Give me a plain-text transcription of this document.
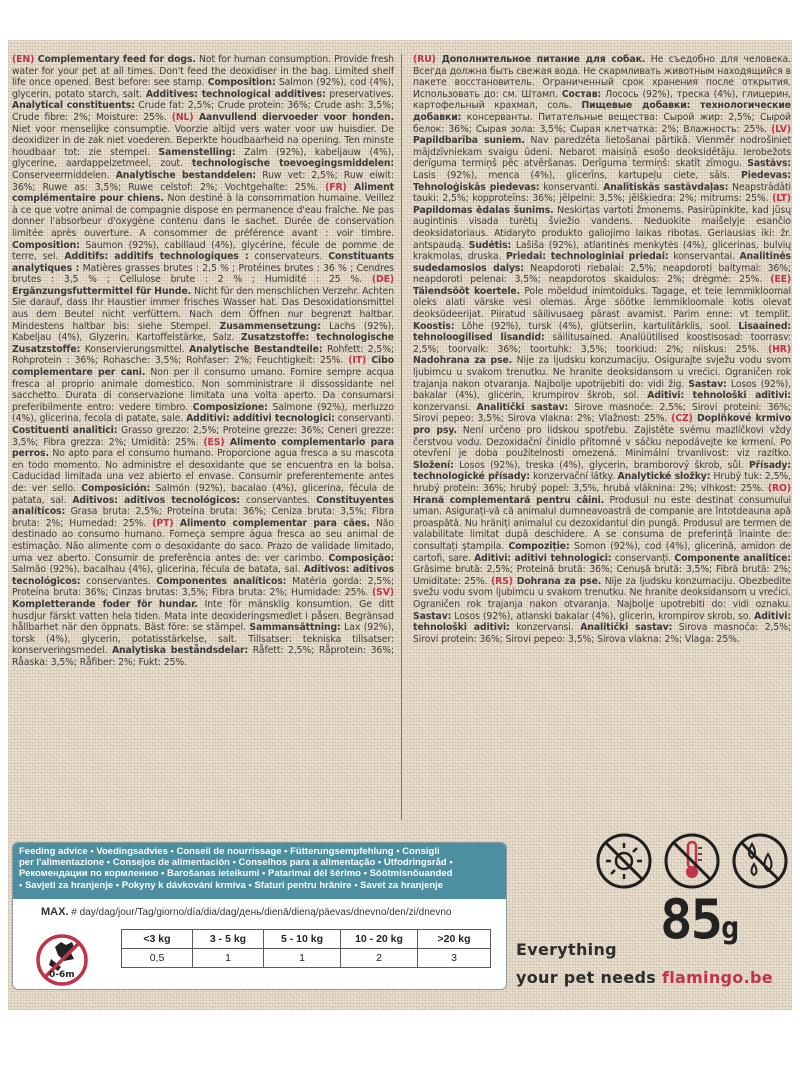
(EN) Complementary feed for dogs. Not for human consumption. Provide fresh water for your pet at all times. Don't feed the deoxidiser in the bag. Limited shelf life once opened. Best before: see stamp. Composition: Salmon (92%), cod (4%), glycerin, potato starch, salt. Additives: technological additives: preservatives. Analytical constituents: Crude fat: 2,5%; Crude protein: 36%; Crude ash: 3,5%; Crude fibre: 2%; Moisture: 25%. (NL) Aanvullend diervoeder voor honden. Niet voor menselijke consumptie. Voorzie altijd vers water voor uw huisdier. De deoxidizer in de zak niet voederen. Beperkte houdbaarheid na opening. Ten minste houdbaar tot: zie stempel. Samenstelling: Zalm (92%), kabeljauw (4%), glycerine, aardappelzetmeel, zout. technologische toevoegingsmiddelen: Conserveermiddelen. Analytische bestanddelen: Ruw vet: 2,5%; Ruw eiwit: 36%; Ruwe as: 3,5%; Ruwe celstof: 2%; Vochtgehalte: 25%. (FR) Aliment complémentaire pour chiens. Non destiné à la consommation humaine. Veillez à ce que votre animal de compagnie dispose en permanence d'eau fraîche. Ne pas donner l'absorbeur d'oxygène contenu dans le sachet. Durée de conservation limitée après ouverture. A consommer de préférence avant : voir timbre. Composition: Saumon (92%), cabillaud (4%), glycérine, fécule de pomme de terre, sel. Additifs: additifs technologiques : conservateurs. Constituants analytiques : Matières grasses brutes : 2,5 % ; Protéines brutes : 36 % ; Cendres brutes : 3,5 % ; Cellulose brute : 2 % ; Humidité : 25 %. (DE) Ergänzungsfuttermittel für Hunde. Nicht für den menschlichen Verzehr. Achten Sie darauf, dass Ihr Haustier immer frisches Wasser hat. Das Desoxidationsmittel aus dem Beutel nicht verfüttern. Nach dem Öffnen nur begrenzt haltbar. Mindestens haltbar bis: siehe Stempel. Zusammensetzung: Lachs (92%), Kabeljau (4%), Glyzerin, Kartoffelstärke, Salz. Zusatzstoffe: technologische Zusatzstoffe: Konservierungsmittel. Analytische Bestandteile: Rohfett: 2,5%; Rohprotein : 36%; Rohasche: 3,5%; Rohfaser: 2%; Feuchtigkeit: 25%. (IT) Cibo complementare per cani. Non per il consumo umano. Fornire sempre acqua fresca al proprio animale domestico. Non somministrare il dissossidante nel sacchetto. Durata di conservazione limitata una volta aperto. Da consumarsi preferibilmente entro: vedere timbro. Composizione: Salmone (92%), merluzzo (4%), glicerina, fecola di patate, sale. Additivi: additivi tecnologici: conservanti. Costituenti analitici: Grasso grezzo: 2,5%; Proteine grezze: 36%; Ceneri grezze: 3,5%; Fibra grezza: 2%; Umidità: 25%. (ES) Alimento complementario para perros. No apto para el consumo humano. Proporcione agua fresca a su mascota en todo momento. No administre el desoxidante que se encuentra en la bolsa. Caducidad limitada una vez abierto el envase. Consumir preferentemente antes de: ver sello. Composición: Salmón (92%), bacalao (4%), glicerina, fécula de patata, sal. Aditivos: aditivos tecnológicos: conservantes. Constituyentes analíticos: Grasa bruta: 2,5%; Proteína bruta: 36%; Ceniza bruta: 3,5%; Fibra bruta: 2%; Humedad: 25%. (PT) Alimento complementar para cães. Não destinado ao consumo humano. Forneça sempre água fresca ao seu animal de estimação. Não alimente com o desoxidante do saco. Prazo de validade limitado, uma vez aberto. Consumir de preferência antes de: ver carimbo. Composição: Salmão (92%), bacalhau (4%), glicerina, fécula de batata, sal. Aditivos: aditivos tecnológicos: conservantes. Componentes analíticos: Matéria gorda: 2,5%; Proteína bruta: 36%; Cinzas brutas: 3,5%; Fibra bruta: 2%; Humidade: 25%. (SV) Kompletterande foder för hundar. Inte för mänsklig konsumtion. Ge ditt husdjur färskt vatten hela tiden. Mata inte deoxideringsmedlet i påsen. Begränsad hållbarhet när den öppnats. Bäst före: se stämpel. Sammansättning: Lax (92%), torsk (4%), glycerin, potatisstärkelse, salt. Tillsatser: tekniska tillsatser: konserveringsmedel. Analytiska beståndsdelar: Råfett: 2,5%; Råprotein: 36%; Råaska: 3,5%; Råfiber: 2%; Fukt: 25%.
(RU) Дополнительное питание для собак. Не съедобно для человека. Всегда должна быть свежая вода. Не скармливать животным находящийся в пакете восстановитель. Ограниченный срок хранения после открытия. Использовать до: см. Штамп. Состав: Лосось (92%), треска (4%), глицерин, картофельный крахмал, соль. Пищевые добавки: технологические добавки: консерванты. Питательные вещества: Сырой жир: 2,5%; Сырой белок: 36%; Сырая зола: 3,5%; Сырая клетчатка: 2%; Влажность: 25%. (LV) Papildbarība suniem. Nav paredzēta lietošanai pārtikā. Vienmēr nodrošiniet mājdzīvniekam svaigu ūdeni. Nebarot maisiņā esošo deoksidētāju. Ierobežots derīguma termiņš pēc atvēršanas. Derīguma termiņš: skatīt zīmogu. Sastāvs: Lasis (92%), menca (4%), glicerīns, kartupeļu ciete, sāls. Piedevas: Tehnoloģiskās piedevas: konservanti. Analītiskās sastāvdaļas: Neapstrādāti tauki: 2,5%; kopproteīns: 36%; jēlpelni: 3,5%; jēlšķiedra: 2%; mitrums: 25%. (LT) Papildomas ėdalas šunims. Neskirtas vartoti žmonems. Pasirūpinkite, kad jūsų augintinis visada turėtų šviežio vandens. Neduokite maišelyje esančio deoksidatoriaus. Atidaryto produkto galiojimo laikas ribotas. Geriausias iki: žr. antspaudą. Sudėtis: Lašiša (92%), atlantinės menkytės (4%), glicerinas, bulvių krakmolas, druska. Priedai: technologiniai priedai: konservantai. Analitinės sudedamosios dalys: Neapdoroti riebalai: 2,5%; neapdoroti baltymai: 36%; neapdoroti pelenai: 3,5%; neapdorotos skaidulos: 2%; drėgmė: 25%. (EE) Täiendsööt koertele. Pole mõeldud inimtoiduks. Tagage, et teie lemmikloomal oleks alati värske vesi olemas. Ärge söötke lemmikloomale kotis olevat deoksüdeerijat. Piiratud säilivusaeg pärast avamist. Parim enne: vt templit. Koostis: Lõhe (92%), tursk (4%), glütseriin, kartulitärklis, sool. Lisaained: tehnoloogilised lisandid: säilitusained. Analüütilised koostisosad: toorrasv: 2,5%; toorvalk: 36%; toortuhk: 3,5%; toorkiud: 2%; niiskus: 25%. (HR) Nadohrana za pse. Nije za ljudsku konzumaciju. Osigurajte svježu vodu svom ljubimcu u svakom trenutku. Ne hranite deoksidansom u vrećici. Ograničen rok trajanja nakon otvaranja. Najbolje upotrijebiti do: vidi žig. Sastav: Losos (92%), bakalar (4%), glicerin, krumpirov škrob, sol. Aditivi: tehnološki aditivi: konzervansi. Analitički sastav: Sirove masnoće: 2,5%; Sirovi proteini: 36%; Sirovi pepeo: 3,5%; Sirova vlakna: 2%; Vlažnost: 25%. (CZ) Doplňkové krmivo pro psy. Není určeno pro lidskou spotřebu. Zajistěte svému mazlíčkovi vždy čerstvou vodu. Dezoxidační činidlo přítomné v sáčku nepodávejte ke krmení. Po otevření je doba použitelnosti omezená. Minimální trvanlivost: viz razítko. Složení: Losos (92%), treska (4%), glycerin, bramborový škrob, sůl. Přísady: technologické přísady: konzervační látky. Analytické složky: Hrubý tuk: 2,5%, hrubý protein: 36%; hrubý popel: 3,5%, hrubá vláknina: 2%; vlhkost: 25%. (RO) Hrană complementară pentru câini. Produsul nu este destinat consumului uman. Asigurați-vă că animalul dumneavoastră de companie are întotdeauna apă proaspătă. Nu hrăniți animalul cu dezoxidantul din pungă. Produsul are termen de valabilitate limitat după deschidere. A se consuma de preferință înainte de: consultați ștampila. Compoziție: Somon (92%), cod (4%), glicerină, amidon de cartofi, sare. Aditivi: aditivi tehnologici: conservanți. Componente analitice: Grăsime brută: 2,5%; Proteină brută: 36%; Cenușă brută: 3,5%; Fibră brută: 2%; Umiditate: 25%. (RS) Dohrana za pse. Nije za ljudsku konzumaciju. Obezbedite svežu vodu svom ljubimcu u svakom trenutku. Ne hranite deoksidansom u vrećici. Ograničen rok trajanja nakon otvaranja. Najbolje upotrebiti do: vidi oznaku. Sastav: Losos (92%), atlanski bakalar (4%), glicerin, krompirov skrob, so. Aditivi: tehnološki aditivi: konzervansi. Analitički sastav: Sirova masnoća: 2,5%; Sirovi protein: 36%; Sirovi pepeo: 3,5%; Sirova vlakna: 2%; Vlaga: 25%.
Feeding advice • Voedingsadvies • Conseil de nourrissage • Fütterungsempfehlung • Consigli
per l'alimentazione • Consejos de alimentación • Conselhos para a alimentação • Utfodringsråd •
Рекомендации по кормлению • Barošanas ieteikumi • Patarimai dėl šėrimo • Söötmisnõuanded
• Savjeti za hranjenje • Pokyny k dávkování krmiva • Sfaturi pentru hrănire • Savet za hranjenje
MAX. # day/dag/jour/Tag/giorno/día/dia/dag/день/dienā/dieną/päevas/dnevno/den/zi/dnevno
0-6m
<3 kg	3 - 5 kg	5 - 10 kg	10 - 20 kg	>20 kg
0,5	1	1	2	3
85g
Everything
your pet needs flamingo.be
